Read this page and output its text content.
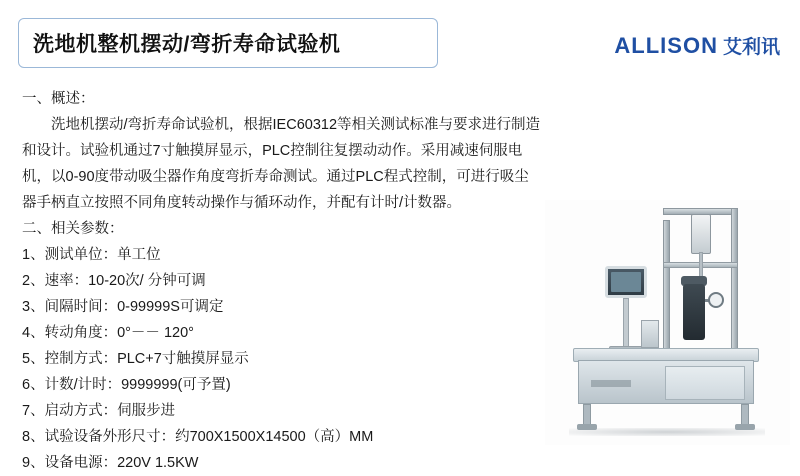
洗地机整机摆动/弯折寿命试验机	ALLISON 艾利讯
一、概述：

洗地机摆动/弯折寿命试验机，根据IEC60312等相关测试标准与要求进行制造和设计。试验机通过7寸触摸屏显示，PLC控制往复摆动动作。采用减速伺服电机，以0-90度带动吸尘器作角度弯折寿命测试。通过PLC程式控制，可进行吸尘器手柄直立按照不同角度转动操作与循环动作，并配有计时/计数器。

二、相关参数：
1、测试单位：单工位
2、速率：10-20次/ 分钟可调
3、间隔时间：0-99999S可调定
4、转动角度：0°－－ 120°
5、控制方式：PLC+7寸触摸屏显示
6、计数/计时：9999999(可予置)
7、启动方式：伺服步进
8、试验设备外形尺寸：约700X1500X14500（高）MM
9、设备电源：220V 1.5KW
